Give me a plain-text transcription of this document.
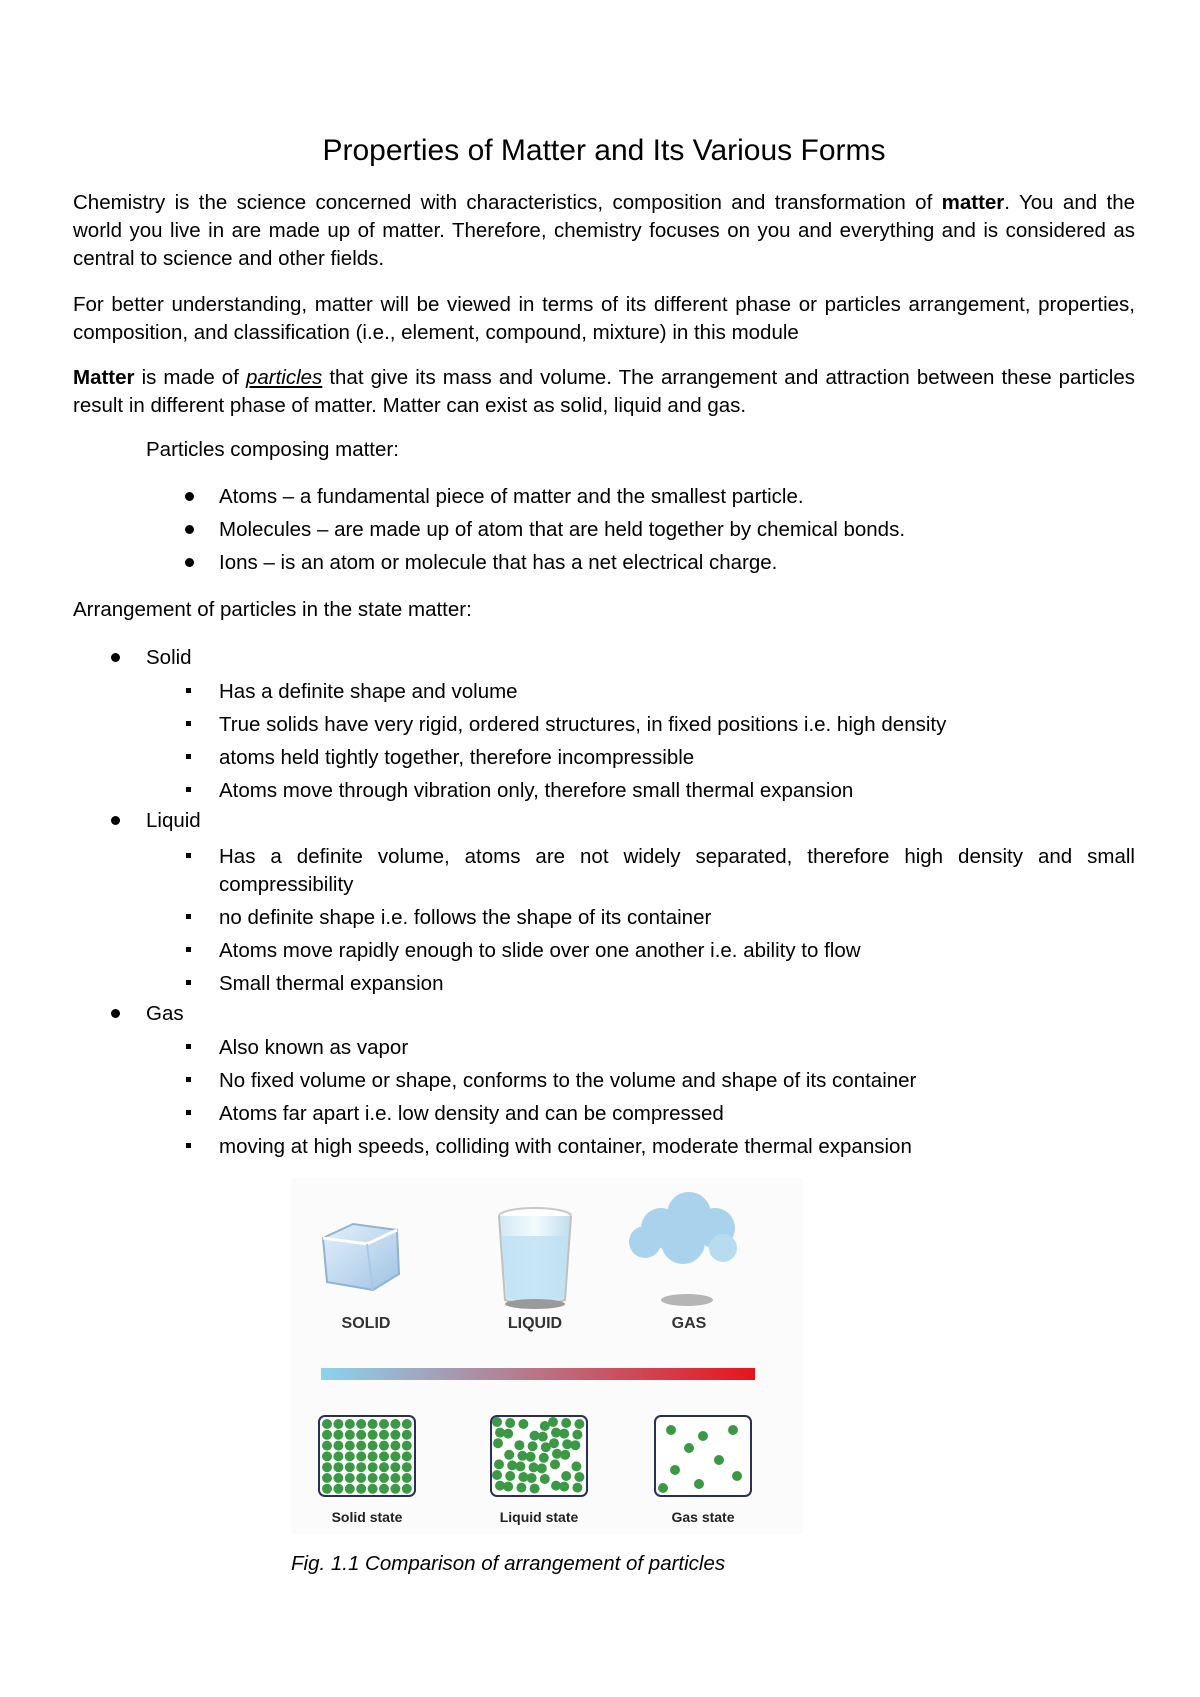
Properties of Matter and Its Various Forms

Chemistry is the science concerned with characteristics, composition and transformation of matter. You and the world you live in are made up of matter. Therefore, chemistry focuses on you and everything and is considered as central to science and other fields.

For better understanding, matter will be viewed in terms of its different phase or particles arrangement, properties, composition, and classification (i.e., element, compound, mixture) in this module

Matter is made of particles that give its mass and volume. The arrangement and attraction between these particles result in different phase of matter. Matter can exist as solid, liquid and gas.

Particles composing matter:

Atoms – a fundamental piece of matter and the smallest particle.
Molecules – are made up of atom that are held together by chemical bonds.
Ions – is an atom or molecule that has a net electrical charge.

Arrangement of particles in the state matter:

Solid
Has a definite shape and volume
True solids have very rigid, ordered structures, in fixed positions i.e. high density
atoms held tightly together, therefore incompressible
Atoms move through vibration only, therefore small thermal expansion
Liquid
Has a definite volume, atoms are not widely separated, therefore high density and small compressibility
no definite shape i.e. follows the shape of its container
Atoms move rapidly enough to slide over one another i.e. ability to flow
Small thermal expansion
Gas
Also known as vapor
No fixed volume or shape, conforms to the volume and shape of its container
Atoms far apart i.e. low density and can be compressed
moving at high speeds, colliding with container, moderate thermal expansion
SOLID	LIQUID	GAS
Solid state	Liquid state	Gas state
Fig. 1.1 Comparison of arrangement of particles
